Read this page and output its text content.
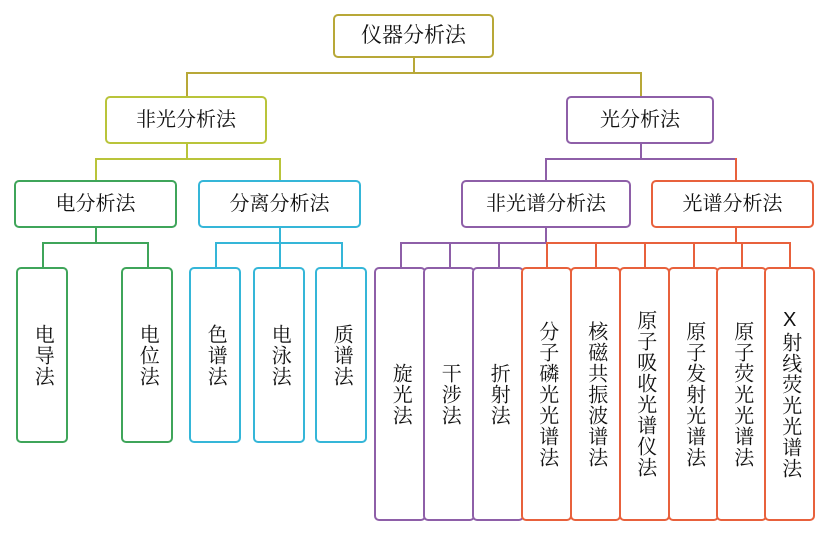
仪器分析法
非光分析法	光分析法
电分析法	分离分析法	非光谱分析法	光谱分析法
电导法	电位法 色谱法 电泳法 质谱法
旋光法 干涉法 折射法 分子磷光光谱法 核磁共振波谱法 原子吸收光谱仪法 原子发射光谱法 原子荧光光谱法 X射线荧光光谱法
